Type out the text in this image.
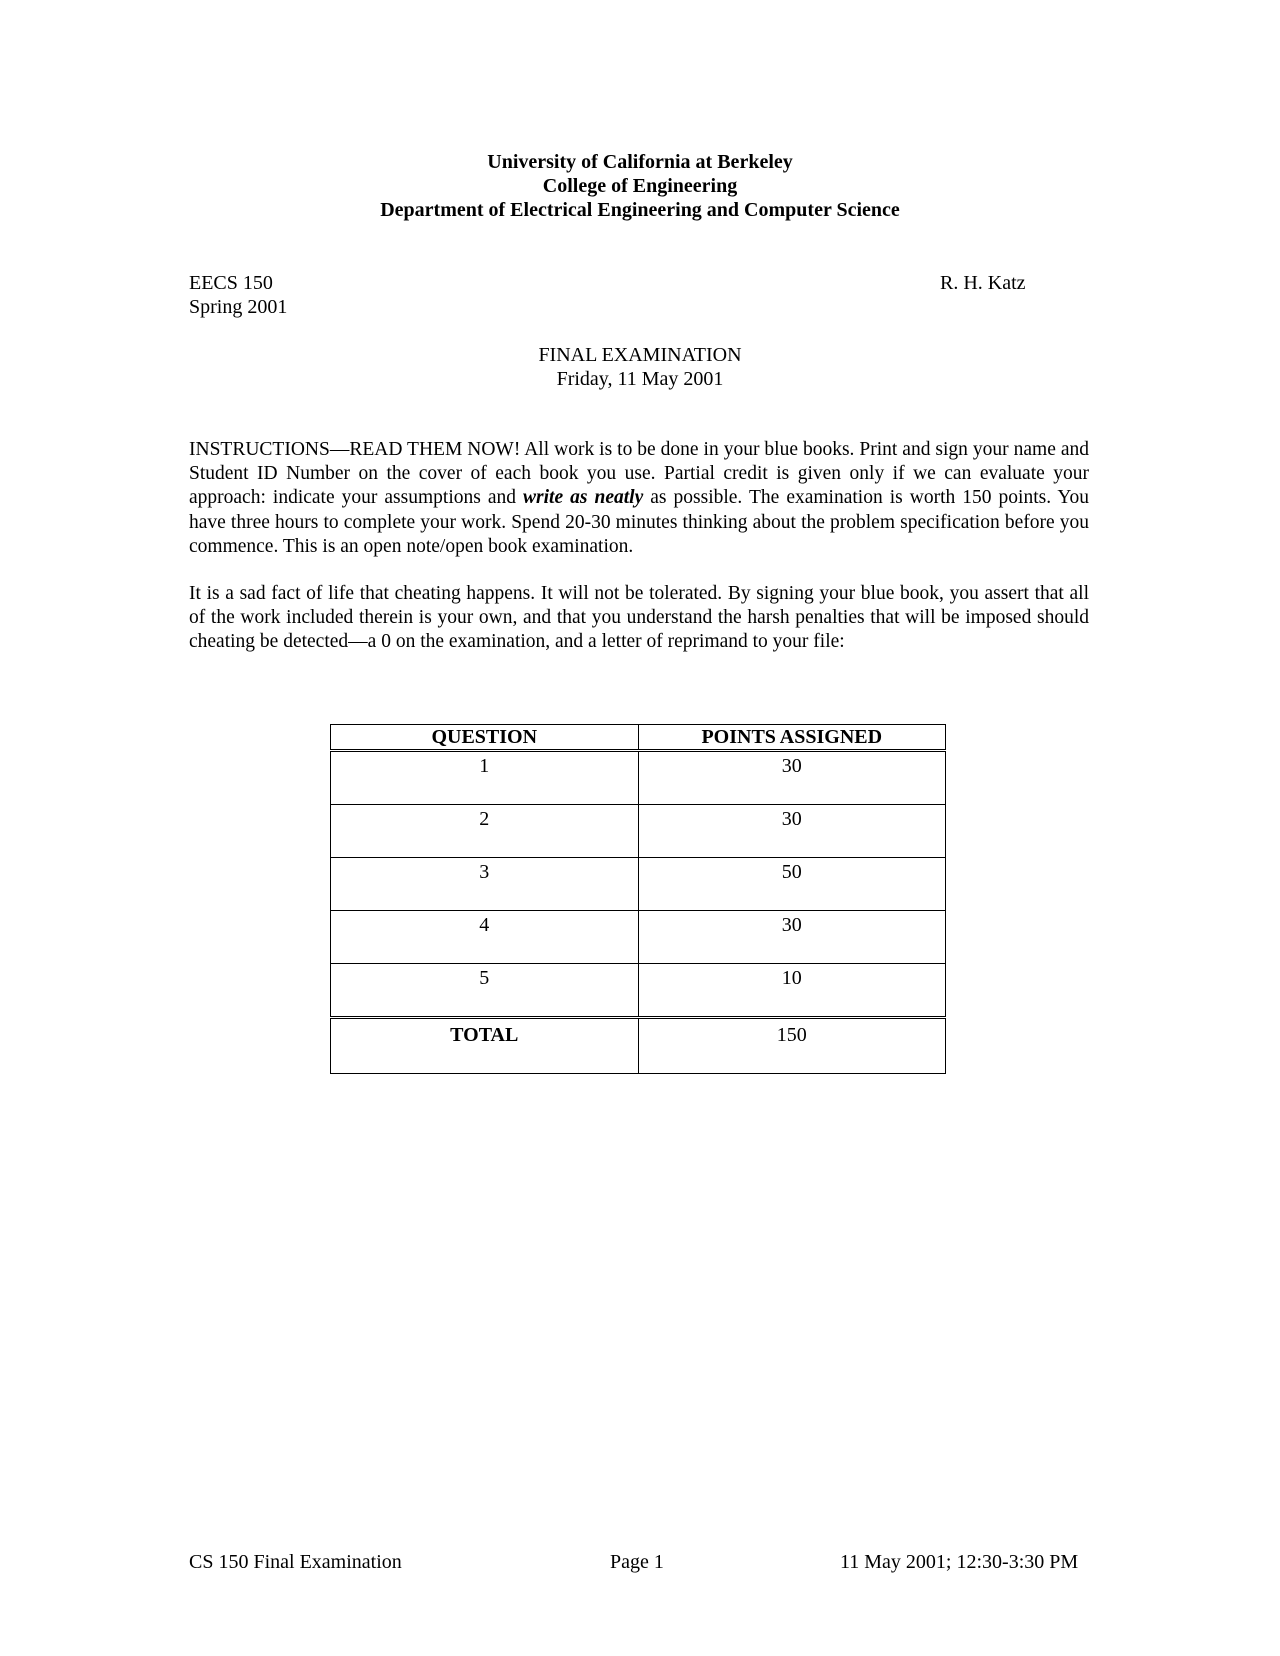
University of California at Berkeley
College of Engineering
Department of Electrical Engineering and Computer Science
EECS 150
Spring 2001
R. H. Katz
FINAL EXAMINATION
Friday, 11 May 2001
INSTRUCTIONS—READ THEM NOW! All work is to be done in your blue books. Print and sign your name and Student ID Number on the cover of each book you use. Partial credit is given only if we can evaluate your approach: indicate your assumptions and write as neatly as possible. The examination is worth 150 points. You have three hours to complete your work. Spend 20-30 minutes thinking about the problem specification before you commence. This is an open note/open book examination.
It is a sad fact of life that cheating happens. It will not be tolerated. By signing your blue book, you assert that all of the work included therein is your own, and that you understand the harsh penalties that will be imposed should cheating be detected—a 0 on the examination, and a letter of reprimand to your file:
QUESTION	POINTS ASSIGNED
1	30
2	30
3	50
4	30
5	10
TOTAL	150
CS 150 Final Examination	Page 1	11 May 2001; 12:30-3:30 PM
